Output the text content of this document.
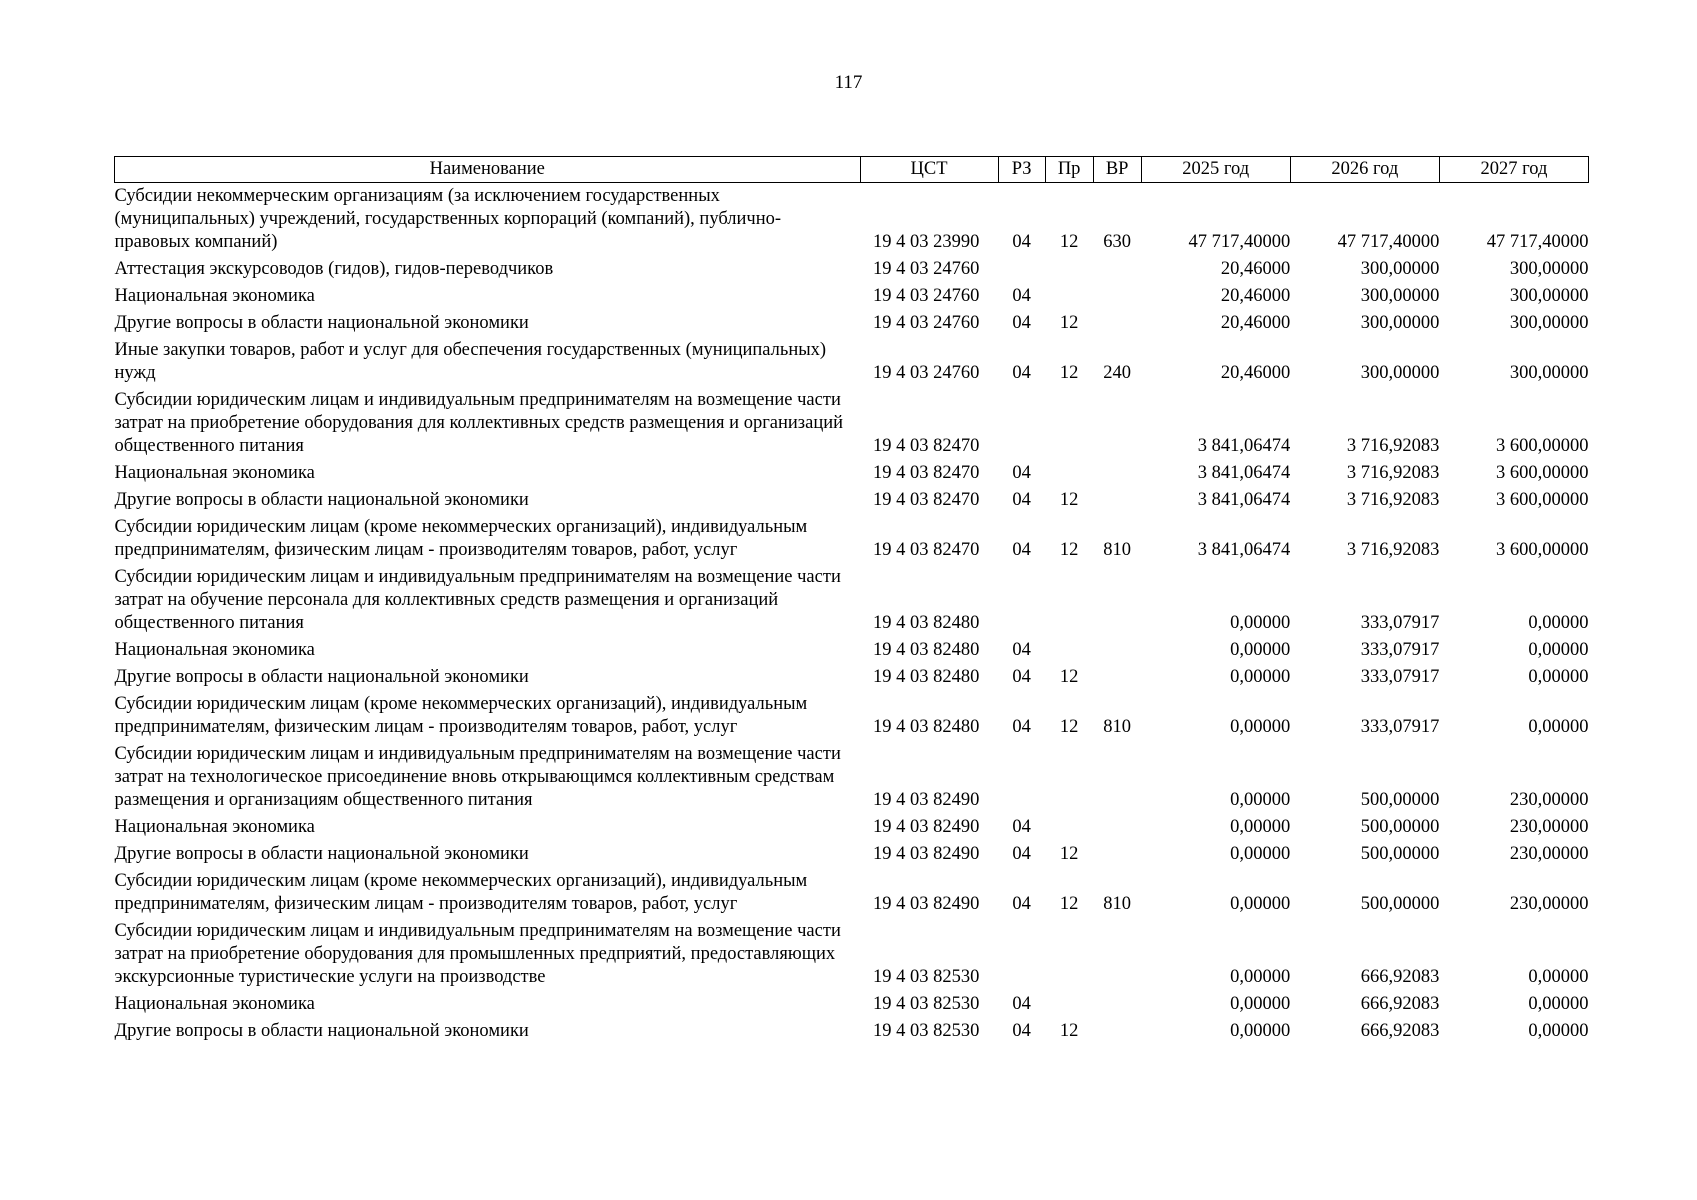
117
Наименование	ЦСТ	РЗ	Пр	ВР	2025 год	2026 год	2027 год
Субсидии некоммерческим организациям (за исключением государственных (муниципальных) учреждений, государственных корпораций (компаний), публично-правовых компаний)	19 4 03 23990	04	12	630	47 717,40000	47 717,40000	47 717,40000
Аттестация экскурсоводов (гидов), гидов-переводчиков	19 4 03 24760				20,46000	300,00000	300,00000
Национальная экономика	19 4 03 24760	04			20,46000	300,00000	300,00000
Другие вопросы в области национальной экономики	19 4 03 24760	04	12		20,46000	300,00000	300,00000
Иные закупки товаров, работ и услуг для обеспечения государственных (муниципальных) нужд	19 4 03 24760	04	12	240	20,46000	300,00000	300,00000
Субсидии юридическим лицам и индивидуальным предпринимателям на возмещение части затрат на приобретение оборудования для коллективных средств размещения и организаций общественного питания	19 4 03 82470				3 841,06474	3 716,92083	3 600,00000
Национальная экономика	19 4 03 82470	04			3 841,06474	3 716,92083	3 600,00000
Другие вопросы в области национальной экономики	19 4 03 82470	04	12		3 841,06474	3 716,92083	3 600,00000
Субсидии юридическим лицам (кроме некоммерческих организаций), индивидуальным предпринимателям, физическим лицам - производителям товаров, работ, услуг	19 4 03 82470	04	12	810	3 841,06474	3 716,92083	3 600,00000
Субсидии юридическим лицам и индивидуальным предпринимателям на возмещение части затрат на обучение персонала для коллективных средств размещения и организаций общественного питания	19 4 03 82480				0,00000	333,07917	0,00000
Национальная экономика	19 4 03 82480	04			0,00000	333,07917	0,00000
Другие вопросы в области национальной экономики	19 4 03 82480	04	12		0,00000	333,07917	0,00000
Субсидии юридическим лицам (кроме некоммерческих организаций), индивидуальным предпринимателям, физическим лицам - производителям товаров, работ, услуг	19 4 03 82480	04	12	810	0,00000	333,07917	0,00000
Субсидии юридическим лицам и индивидуальным предпринимателям на возмещение части затрат на технологическое присоединение вновь открывающимся коллективным средствам размещения и организациям общественного питания	19 4 03 82490				0,00000	500,00000	230,00000
Национальная экономика	19 4 03 82490	04			0,00000	500,00000	230,00000
Другие вопросы в области национальной экономики	19 4 03 82490	04	12		0,00000	500,00000	230,00000
Субсидии юридическим лицам (кроме некоммерческих организаций), индивидуальным предпринимателям, физическим лицам - производителям товаров, работ, услуг	19 4 03 82490	04	12	810	0,00000	500,00000	230,00000
Субсидии юридическим лицам и индивидуальным предпринимателям на возмещение части затрат на приобретение оборудования для промышленных предприятий, предоставляющих экскурсионные туристические услуги на производстве	19 4 03 82530				0,00000	666,92083	0,00000
Национальная экономика	19 4 03 82530	04			0,00000	666,92083	0,00000
Другие вопросы в области национальной экономики	19 4 03 82530	04	12		0,00000	666,92083	0,00000
